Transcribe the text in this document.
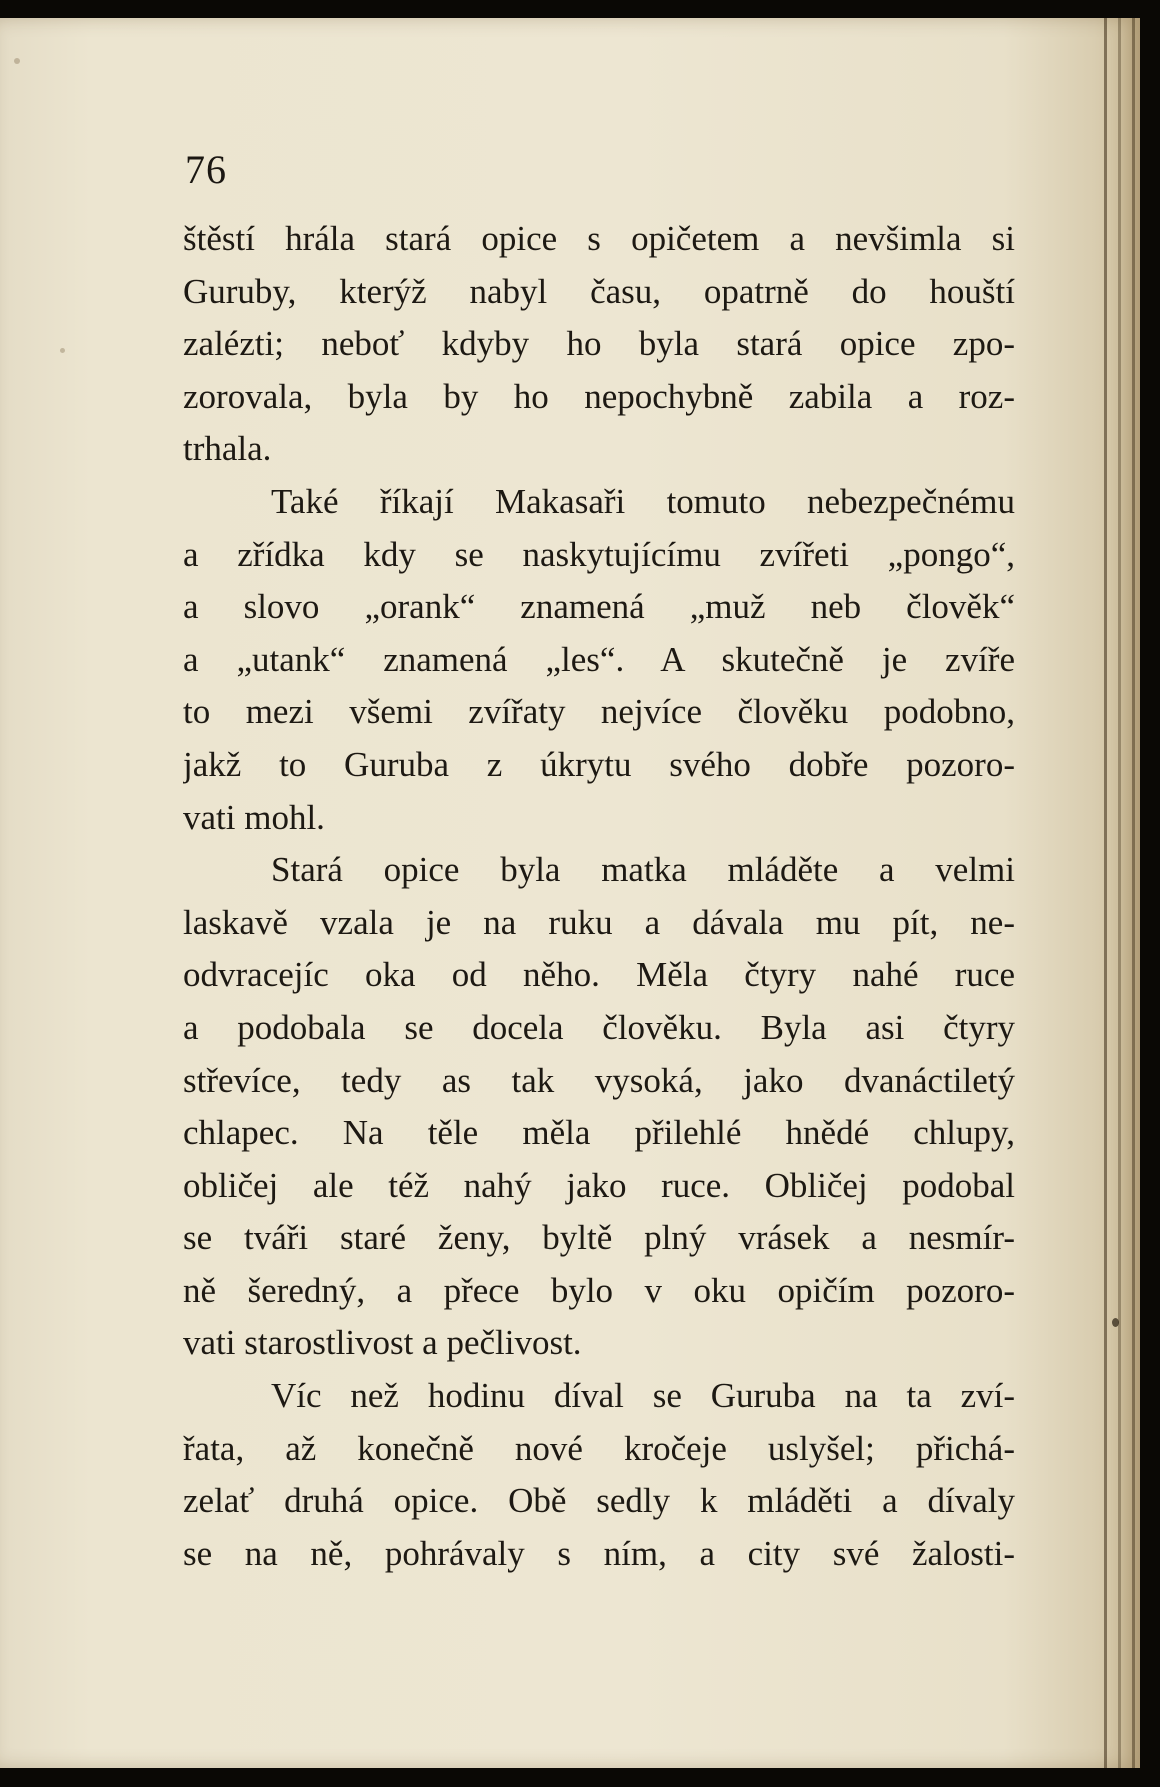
76
štěstí hrála stará opice s opičetem a nevšimla si
Guruby, kterýž nabyl času, opatrně do houští
zalézti; neboť kdyby ho byla stará opice zpo-
zorovala, byla by ho nepochybně zabila a roz-
trhala.
Také říkají Makasaři tomuto nebezpečnému
a zřídka kdy se naskytujícímu zvířeti „pongo“,
a slovo „orank“ znamená „muž neb člověk“
a „utank“ znamená „les“. A skutečně je zvíře
to mezi všemi zvířaty nejvíce člověku podobno,
jakž to Guruba z úkrytu svého dobře pozoro-
vati mohl.
Stará opice byla matka mláděte a velmi
laskavě vzala je na ruku a dávala mu pít, ne-
odvracejíc oka od něho. Měla čtyry nahé ruce
a podobala se docela člověku. Byla asi čtyry
střevíce, tedy as tak vysoká, jako dvanáctiletý
chlapec. Na těle měla přilehlé hnědé chlupy,
obličej ale též nahý jako ruce. Obličej podobal
se tváři staré ženy, byltě plný vrásek a nesmír-
ně šeredný, a přece bylo v oku opičím pozoro-
vati starostlivost a pečlivost.
Víc než hodinu díval se Guruba na ta zví-
řata, až konečně nové kročeje uslyšel; přichá-
zelať druhá opice. Obě sedly k mláděti a dívaly
se na ně, pohrávaly s ním, a city své žalosti-
